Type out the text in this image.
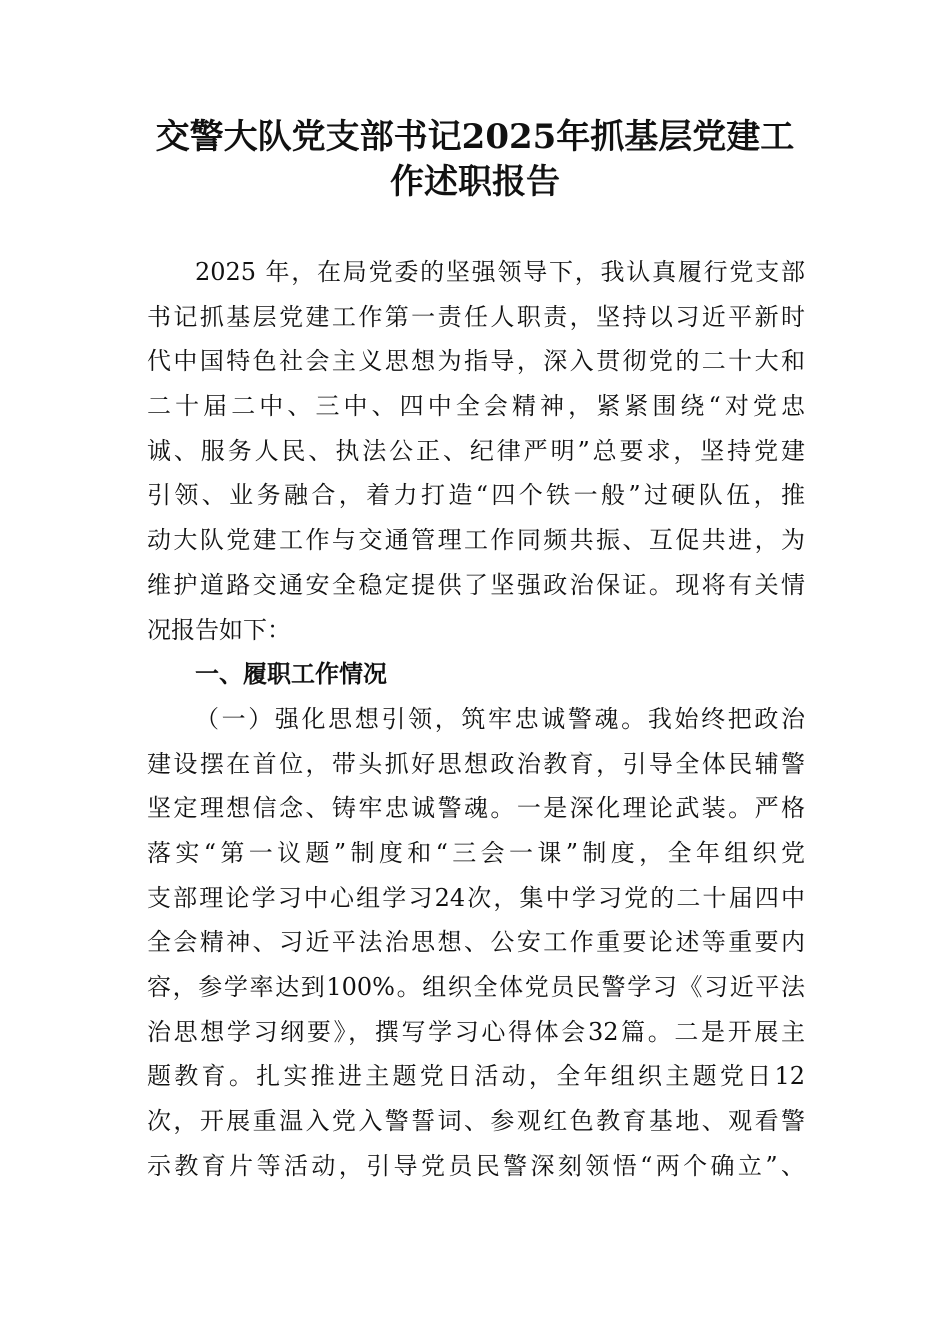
交警大队党支部书记2025年抓基层党建工
作述职报告
2025 年，在局党委的坚强领导下，我认真履行党支部
书记抓基层党建工作第一责任人职责，坚持以习近平新时
代中国特色社会主义思想为指导，深入贯彻党的二十大和
二十届二中、三中、四中全会精神，紧紧围绕“对党忠
诚、服务人民、执法公正、纪律严明”总要求，坚持党建
引领、业务融合，着力打造“四个铁一般”过硬队伍，推
动大队党建工作与交通管理工作同频共振、互促共进，为
维护道路交通安全稳定提供了坚强政治保证。现将有关情
况报告如下：
一、履职工作情况
（一）强化思想引领，筑牢忠诚警魂。我始终把政治
建设摆在首位，带头抓好思想政治教育，引导全体民辅警
坚定理想信念、铸牢忠诚警魂。一是深化理论武装。严格
落实“第一议题”制度和“三会一课”制度，全年组织党
支部理论学习中心组学习24次，集中学习党的二十届四中
全会精神、习近平法治思想、公安工作重要论述等重要内
容，参学率达到100%。组织全体党员民警学习《习近平法
治思想学习纲要》，撰写学习心得体会32篇。二是开展主
题教育。扎实推进主题党日活动，全年组织主题党日12
次，开展重温入党入警誓词、参观红色教育基地、观看警
示教育片等活动，引导党员民警深刻领悟“两个确立”、
